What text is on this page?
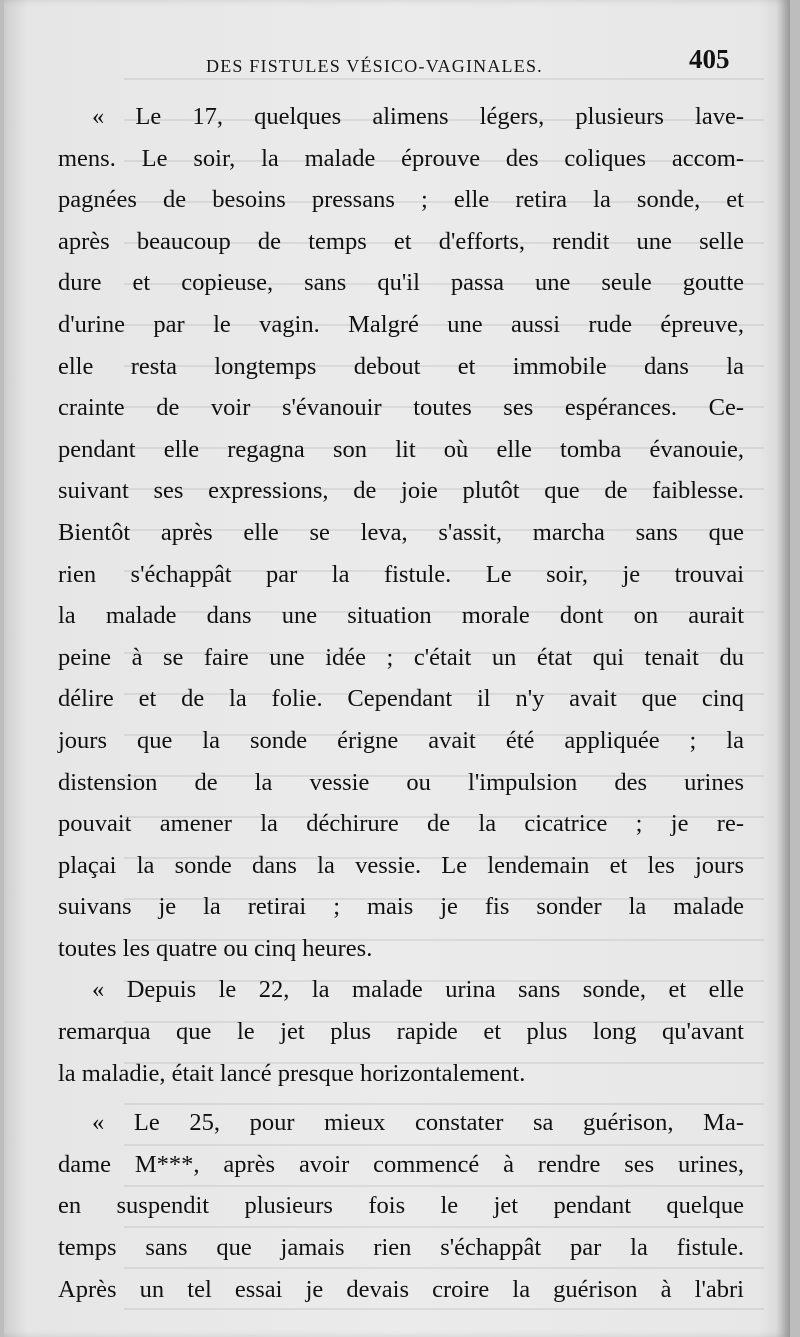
DES FISTULES VÉSICO-VAGINALES.	405
« Le 17, quelques alimens légers, plusieurs lave-
mens. Le soir, la malade éprouve des coliques accom-
pagnées de besoins pressans ; elle retira la sonde, et
après beaucoup de temps et d'efforts, rendit une selle
dure et copieuse, sans qu'il passa une seule goutte
d'urine par le vagin. Malgré une aussi rude épreuve,
elle resta longtemps debout et immobile dans la
crainte de voir s'évanouir toutes ses espérances. Ce-
pendant elle regagna son lit où elle tomba évanouie,
suivant ses expressions, de joie plutôt que de faiblesse.
Bientôt après elle se leva, s'assit, marcha sans que
rien s'échappât par la fistule. Le soir, je trouvai
la malade dans une situation morale dont on aurait
peine à se faire une idée ; c'était un état qui tenait du
délire et de la folie. Cependant il n'y avait que cinq
jours que la sonde érigne avait été appliquée ; la
distension de la vessie ou l'impulsion des urines
pouvait amener la déchirure de la cicatrice ; je re-
plaçai la sonde dans la vessie. Le lendemain et les jours
suivans je la retirai ; mais je fis sonder la malade
toutes les quatre ou cinq heures.
« Depuis le 22, la malade urina sans sonde, et elle
remarqua que le jet plus rapide et plus long qu'avant
la maladie, était lancé presque horizontalement.
« Le 25, pour mieux constater sa guérison, Ma-
dame M***, après avoir commencé à rendre ses urines,
en suspendit plusieurs fois le jet pendant quelque
temps sans que jamais rien s'échappât par la fistule.
Après un tel essai je devais croire la guérison à l'abri
